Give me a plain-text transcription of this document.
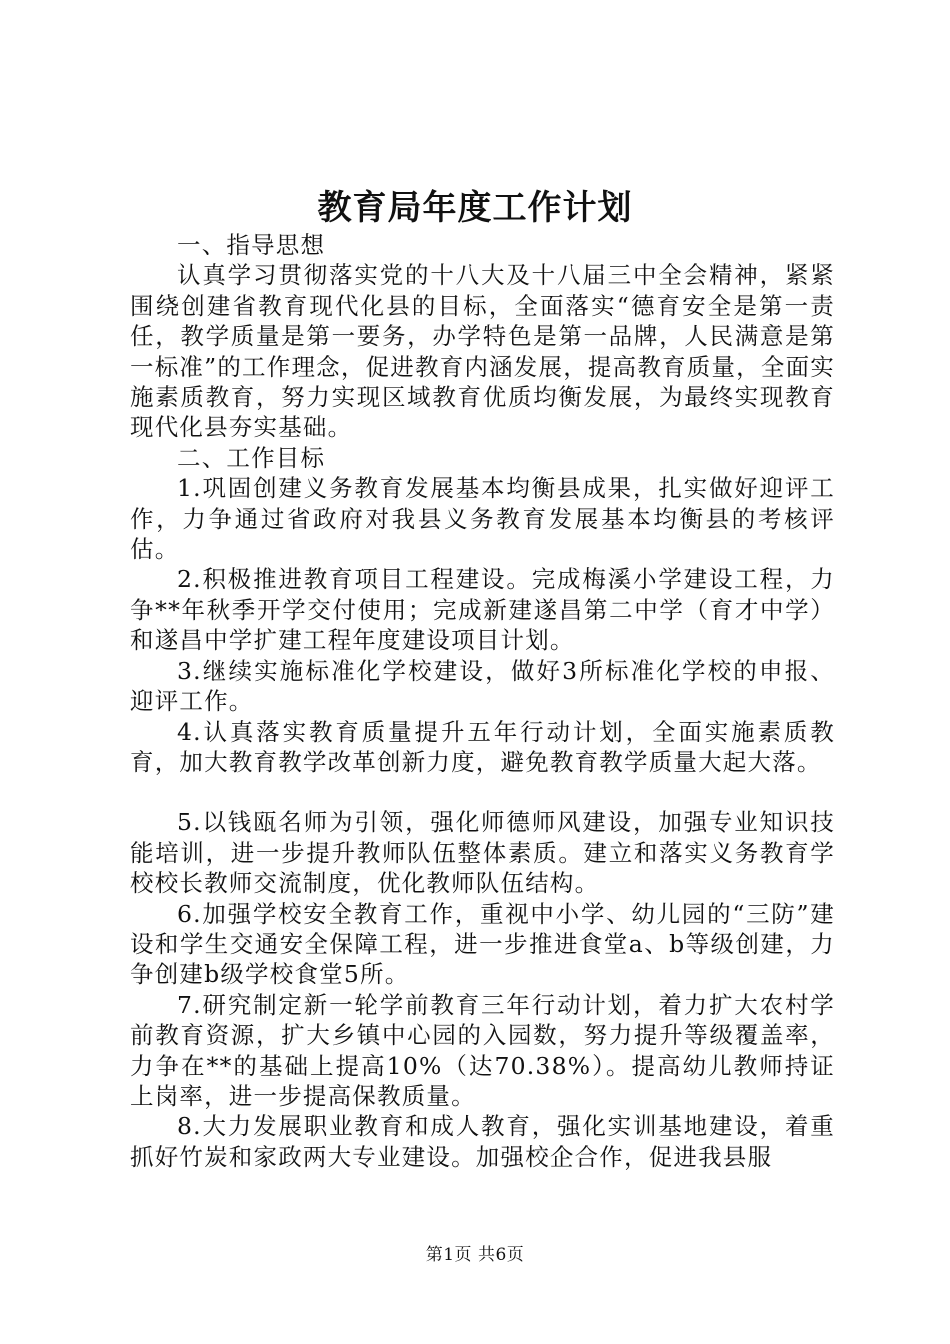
教育局年度工作计划

一、指导思想

认真学习贯彻落实党的十八大及十八届三中全会精神，紧紧围绕创建省教育现代化县的目标，全面落实“德育安全是第一责任，教学质量是第一要务，办学特色是第一品牌，人民满意是第一标准”的工作理念，促进教育内涵发展，提高教育质量，全面实施素质教育，努力实现区域教育优质均衡发展，为最终实现教育现代化县夯实基础。

二、工作目标

1.巩固创建义务教育发展基本均衡县成果，扎实做好迎评工作，力争通过省政府对我县义务教育发展基本均衡县的考核评估。

2.积极推进教育项目工程建设。完成梅溪小学建设工程，力争**年秋季开学交付使用；完成新建遂昌第二中学（育才中学）和遂昌中学扩建工程年度建设项目计划。

3.继续实施标准化学校建设，做好3所标准化学校的申报、迎评工作。

4.认真落实教育质量提升五年行动计划，全面实施素质教育，加大教育教学改革创新力度，避免教育教学质量大起大落。

5.以钱瓯名师为引领，强化师德师风建设，加强专业知识技能培训，进一步提升教师队伍整体素质。建立和落实义务教育学校校长教师交流制度，优化教师队伍结构。

6.加强学校安全教育工作，重视中小学、幼儿园的“三防”建设和学生交通安全保障工程，进一步推进食堂a、b等级创建，力争创建b级学校食堂5所。

7.研究制定新一轮学前教育三年行动计划，着力扩大农村学前教育资源，扩大乡镇中心园的入园数，努力提升等级覆盖率，力争在**的基础上提高10%（达70.38%）。提高幼儿教师持证上岗率，进一步提高保教质量。

8.大力发展职业教育和成人教育，强化实训基地建设，着重抓好竹炭和家政两大专业建设。加强校企合作，促进我县服

第1页 共6页
